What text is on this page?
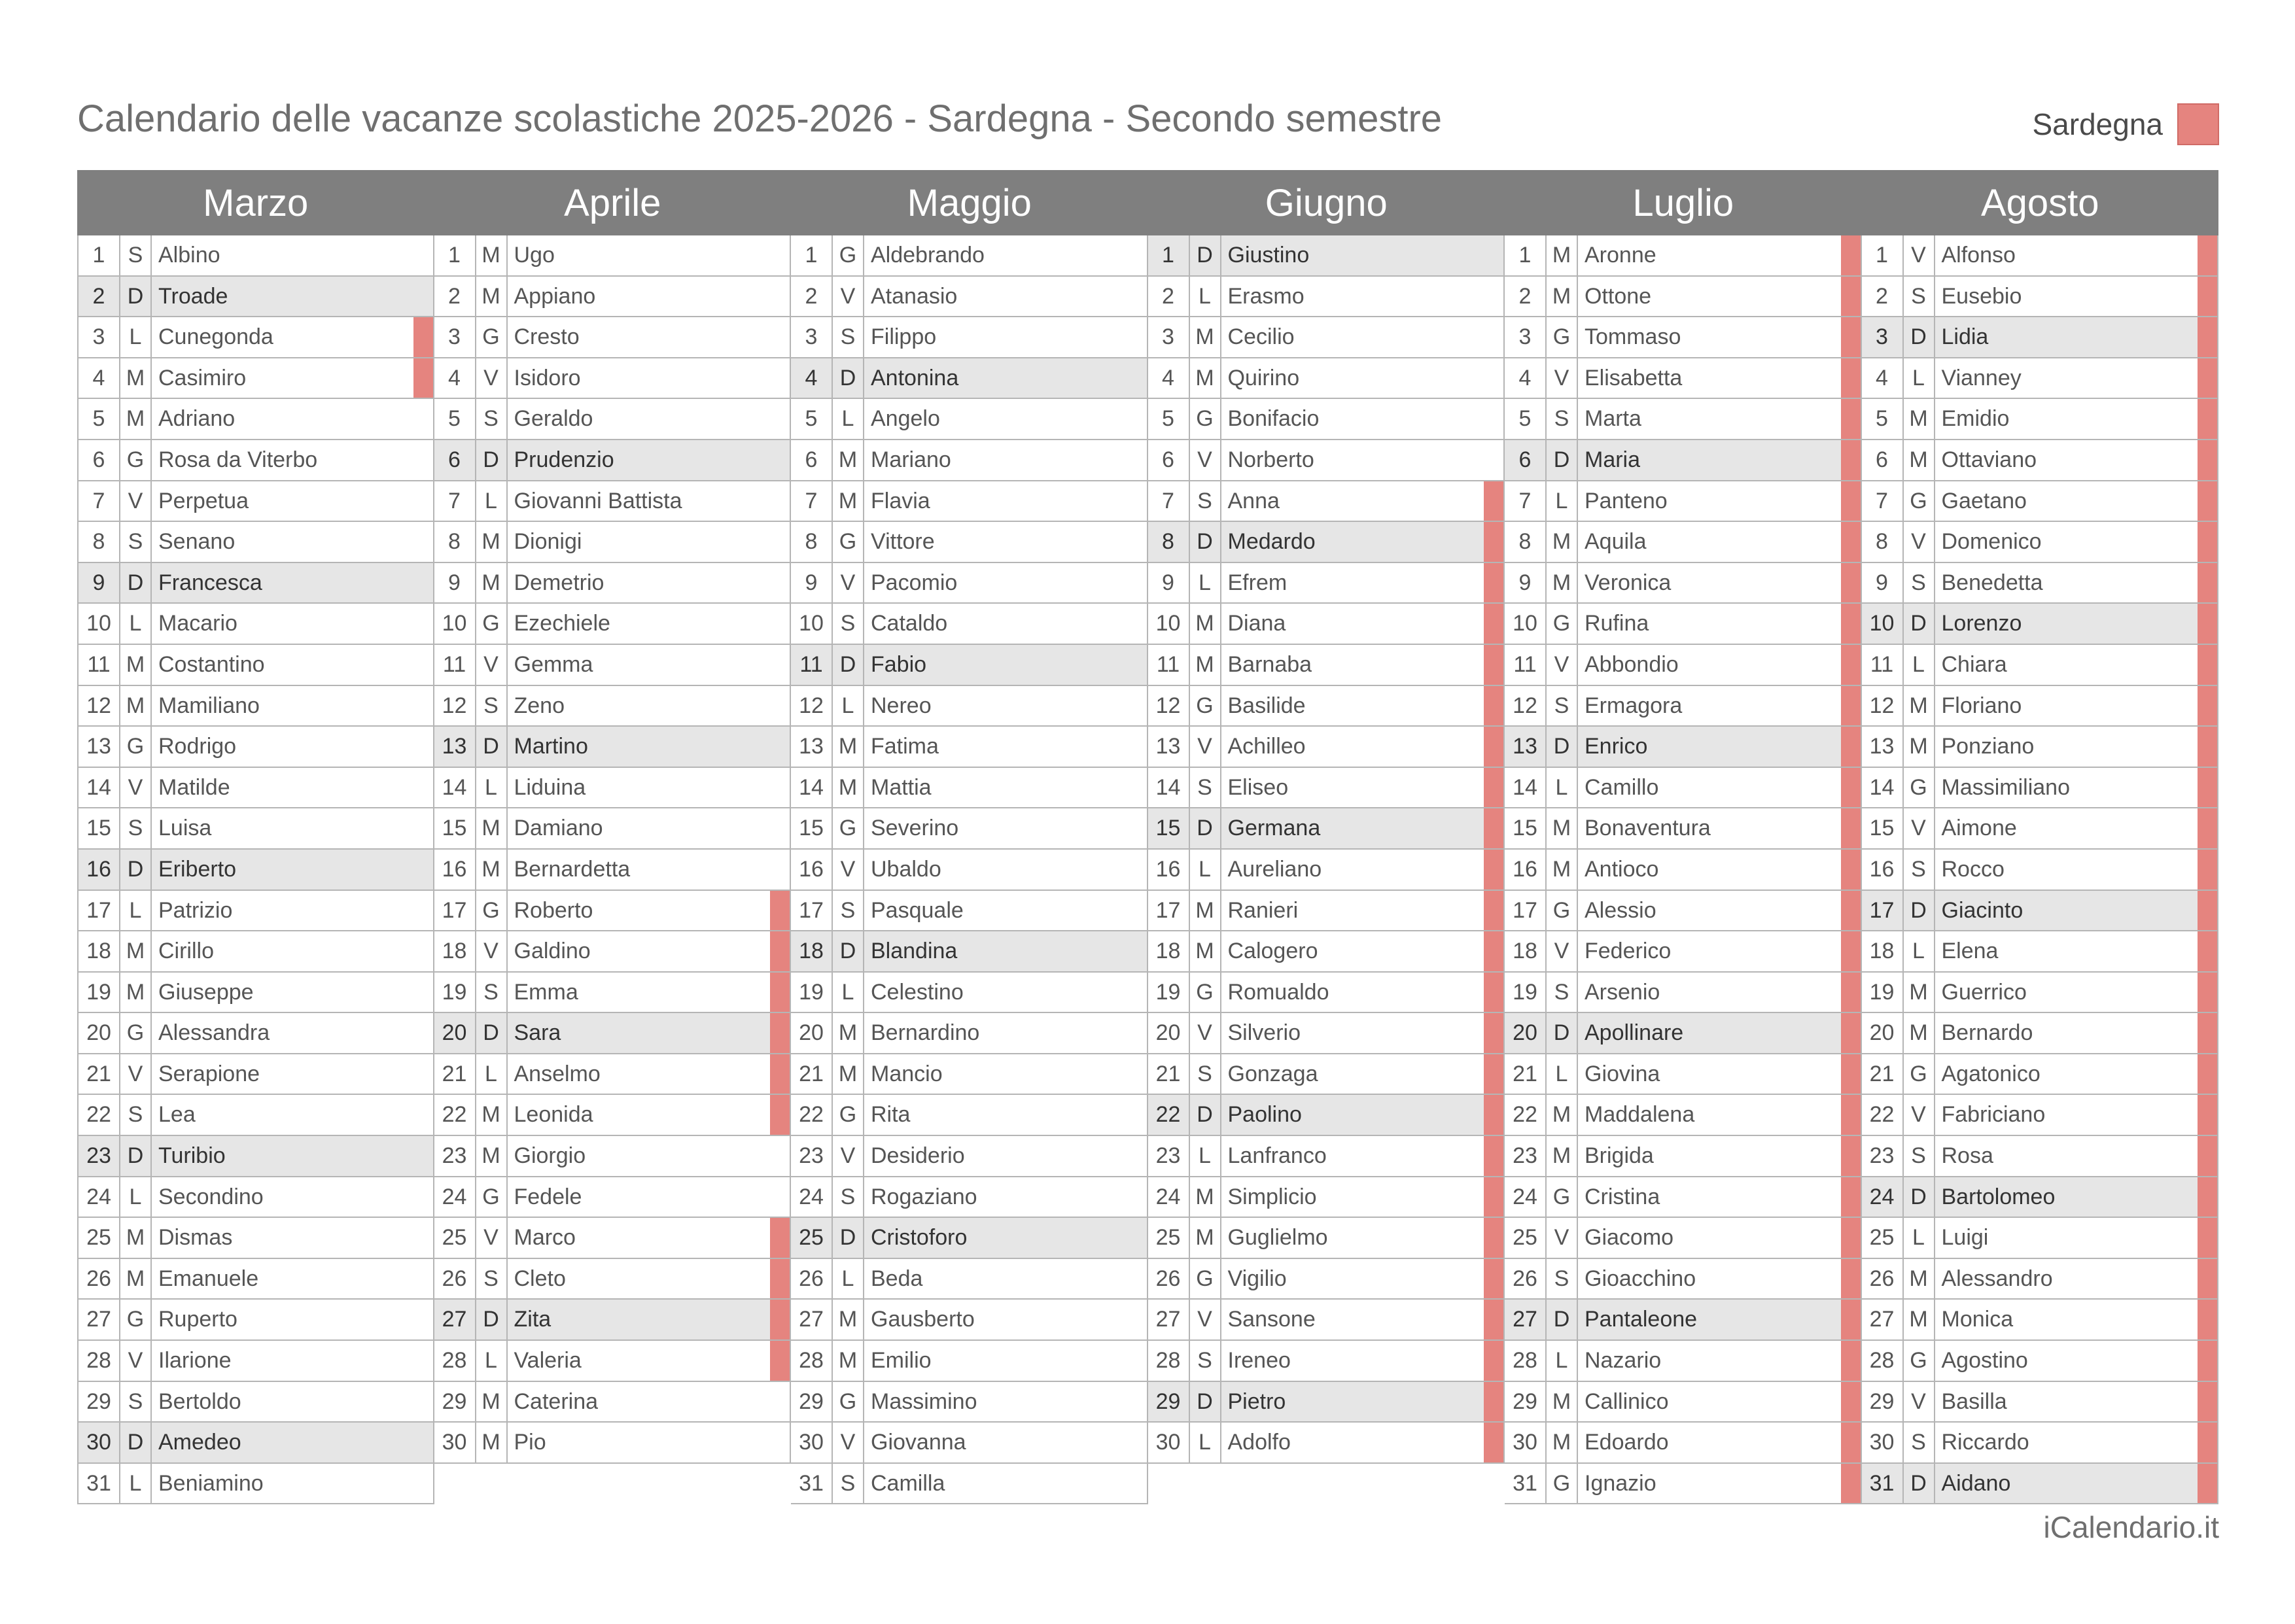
Calendario delle vacanze scolastiche 2025-2026 - Sardegna - Secondo semestre	Sardegna
Marzo
1	S Albino
2	D Troade
3	L Cunegonda
4 M Casimiro
5 M Adriano
6 G Rosa da Viterbo
7	V Perpetua
8	S Senano
9	D Francesca
10 L Macario
11 M Costantino
12 M Mamiliano
13 G Rodrigo
14 V Matilde
15 S Luisa
16 D Eriberto
17 L Patrizio
18 M Cirillo
19 M Giuseppe
20 G Alessandra
21 V Serapione
22 S Lea
23 D Turibio
24 L Secondino
25 M Dismas
26 M Emanuele
27 G Ruperto
28 V Ilarione
29 S Bertoldo
30 D Amedeo
31 L Beniamino
Aprile
1 M Ugo
2 M Appiano
3 G Cresto
4	V Isidoro
5	S Geraldo
6	D Prudenzio
7	L Giovanni Battista
8 M Dionigi
9 M Demetrio
10 G Ezechiele
11 V Gemma
12 S Zeno
13 D Martino
14 L Liduina
15 M Damiano
16 M Bernardetta
17 G Roberto
18 V Galdino
19 S Emma
20 D Sara
21 L Anselmo
22 M Leonida
23 M Giorgio
24 G Fedele
25 V Marco
26 S Cleto
27 D Zita
28 L Valeria
29 M Caterina
30 M Pio
Maggio
1 G Aldebrando
2	V Atanasio
3	S Filippo
4	D Antonina
5	L Angelo
6 M Mariano
7 M Flavia
8 G Vittore
9	V Pacomio
10 S Cataldo
11 D Fabio
12 L Nereo
13 M Fatima
14 M Mattia
15 G Severino
16 V Ubaldo
17 S Pasquale
18 D Blandina
19 L Celestino
20 M Bernardino
21 M Mancio
22 G Rita
23 V Desiderio
24 S Rogaziano
25 D Cristoforo
26 L Beda
27 M Gausberto
28 M Emilio
29 G Massimino
30 V Giovanna
31 S Camilla
Giugno
1	D Giustino
2	L Erasmo
3 M Cecilio
4 M Quirino
5 G Bonifacio
6	V Norberto
7	S Anna
8	D Medardo
9	L Efrem
10 M Diana
11 M Barnaba
12 G Basilide
13 V Achilleo
14 S Eliseo
15 D Germana
16 L Aureliano
17 M Ranieri
18 M Calogero
19 G Romualdo
20 V Silverio
21 S Gonzaga
22 D Paolino
23 L Lanfranco
24 M Simplicio
25 M Guglielmo
26 G Vigilio
27 V Sansone
28 S Ireneo
29 D Pietro
30 L Adolfo
Luglio
1 M Aronne
2 M Ottone
3 G Tommaso
4	V Elisabetta
5	S Marta
6	D Maria
7	L Panteno
8 M Aquila
9 M Veronica
10 G Rufina
11 V Abbondio
12 S Ermagora
13 D Enrico
14 L Camillo
15 M Bonaventura
16 M Antioco
17 G Alessio
18 V Federico
19 S Arsenio
20 D Apollinare
21 L Giovina
22 M Maddalena
23 M Brigida
24 G Cristina
25 V Giacomo
26 S Gioacchino
27 D Pantaleone
28 L Nazario
29 M Callinico
30 M Edoardo
31 G Ignazio
Agosto
1	V Alfonso
2	S Eusebio
3	D Lidia
4	L Vianney
5 M Emidio
6 M Ottaviano
7 G Gaetano
8	V Domenico
9	S Benedetta
10 D Lorenzo
11 L Chiara
12 M Floriano
13 M Ponziano
14 G Massimiliano
15 V Aimone
16 S Rocco
17 D Giacinto
18 L Elena
19 M Guerrico
20 M Bernardo
21 G Agatonico
22 V Fabriciano
23 S Rosa
24 D Bartolomeo
25 L Luigi
26 M Alessandro
27 M Monica
28 G Agostino
29 V Basilla
30 S Riccardo
31 D Aidano
iCalendario.it
